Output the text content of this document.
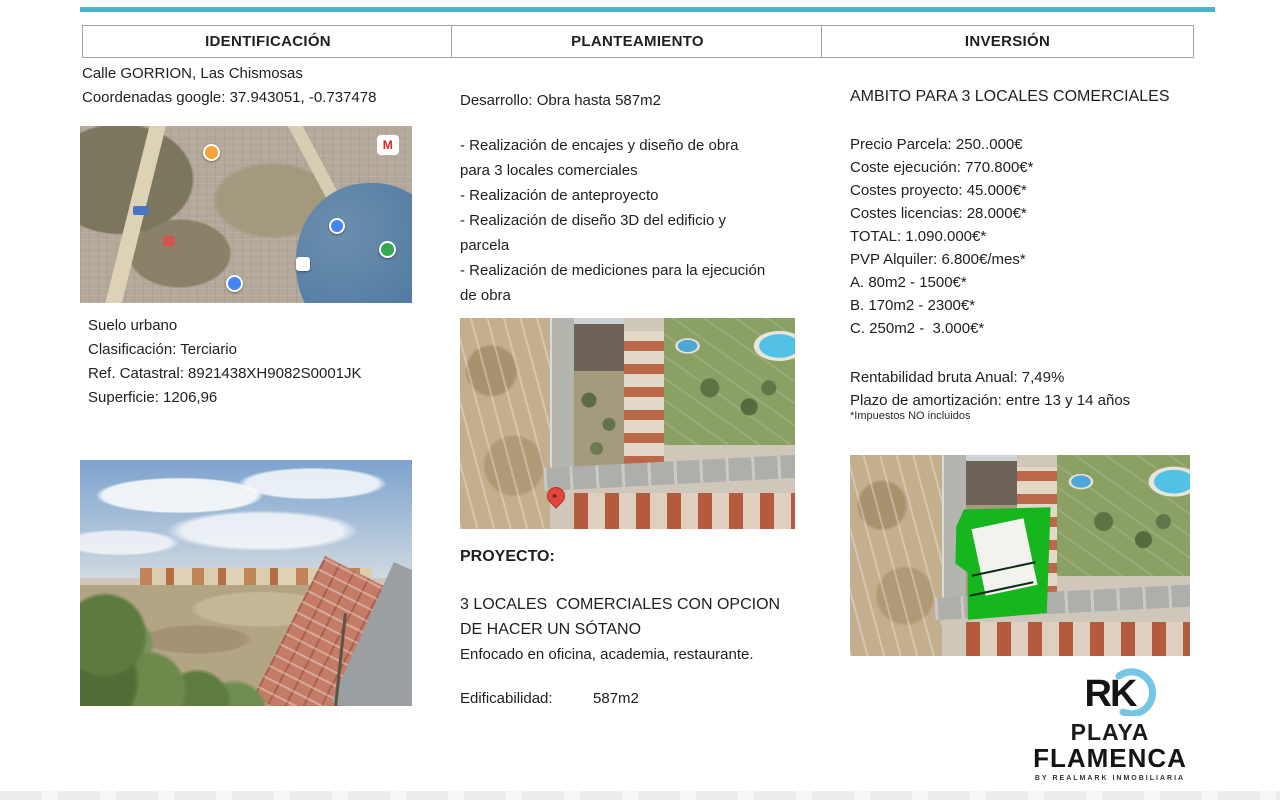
IDENTIFICACIÓN	PLANTEAMIENTO	INVERSIÓN
Calle GORRION, Las Chismosas
Coordenadas google: 37.943051, -0.737478
M
Suelo urbano
Clasificación: Terciario
Ref. Catastral: 8921438XH9082S0001JK
Superficie: 1206,96
Desarrollo: Obra hasta 587m2
- Realización de encajes y diseño de obra
para 3 locales comerciales
- Realización de anteproyecto
- Realización de diseño 3D del edificio y
parcela
- Realización de mediciones para la ejecución
de obra
PROYECTO:
3 LOCALES  COMERCIALES CON OPCION
DE HACER UN SÓTANO
Enfocado en oficina, academia, restaurante.
Edificabilidad:	587m2
AMBITO PARA 3 LOCALES COMERCIALES
Precio Parcela: 250..000€
Coste ejecución: 770.800€*
Costes proyecto: 45.000€*
Costes licencias: 28.000€*
TOTAL: 1.090.000€*
PVP Alquiler: 6.800€/mes*
A. 80m2 - 1500€*
B. 170m2 - 2300€*
C. 250m2 -  3.000€*
Rentabilidad bruta Anual: 7,49%
Plazo de amortización: entre 13 y 14 años
*Impuestos NO incluidos
RK
PLAYA
FLAMENCA
BY REALMARK INMOBILIARIA
